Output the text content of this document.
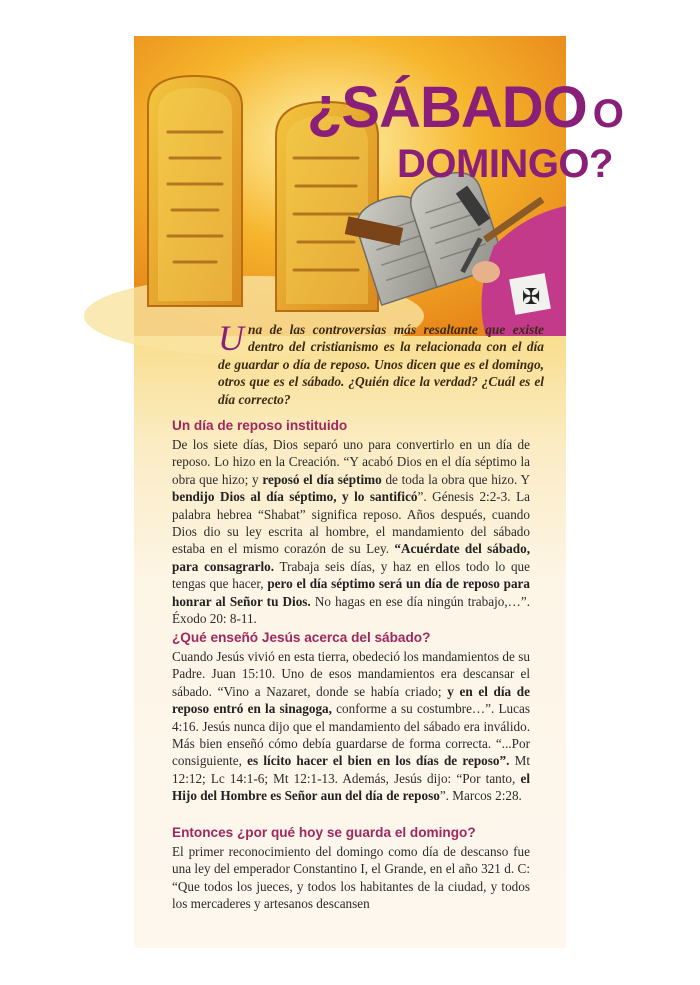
✠
¿SÁBADO O
DOMINGO?
Una de las controversias más resaltante que existe dentro del cristianismo es la relacionada con el día de guardar o día de reposo. Unos dicen que es el domingo, otros que es el sábado. ¿Quién dice la verdad? ¿Cuál es el día correcto?
Un día de reposo instituido
De los siete días, Dios separó uno para convertirlo en un día de reposo. Lo hizo en la Creación. “Y acabó Dios en el día séptimo la obra que hizo; y reposó el día séptimo de toda la obra que hizo. Y bendijo Dios al día séptimo, y lo santificó”. Génesis 2:2-3. La palabra hebrea “Shabat” significa reposo. Años después, cuando Dios dio su ley escrita al hombre, el mandamiento del sábado estaba en el mismo corazón de su Ley. “Acuérdate del sábado, para consagrarlo. Trabaja seis días, y haz en ellos todo lo que tengas que hacer, pero el día séptimo será un día de reposo para honrar al Señor tu Dios. No hagas en ese día ningún trabajo,…”. Éxodo 20: 8-11.
¿Qué enseñó Jesús acerca del sábado?
Cuando Jesús vivió en esta tierra, obedeció los mandamientos de su Padre. Juan 15:10. Uno de esos mandamientos era descansar el sábado. “Vino a Nazaret, donde se había criado; y en el día de reposo entró en la sinagoga, conforme a su costumbre…”. Lucas 4:16. Jesús nunca dijo que el mandamiento del sábado era inválido. Más bien enseñó cómo debía guardarse de forma correcta. “...Por consiguiente, es lícito hacer el bien en los días de reposo”. Mt 12:12; Lc 14:1-6; Mt 12:1-13. Además, Jesús dijo: “Por tanto, el Hijo del Hombre es Señor aun del día de reposo”. Marcos 2:28.
Entonces ¿por qué hoy se guarda el domingo?
El primer reconocimiento del domingo como día de descanso fue una ley del emperador Constantino I, el Grande, en el año 321 d. C: “Que todos los jueces, y todos los habitantes de la ciudad, y todos los mercaderes y artesanos descansen
